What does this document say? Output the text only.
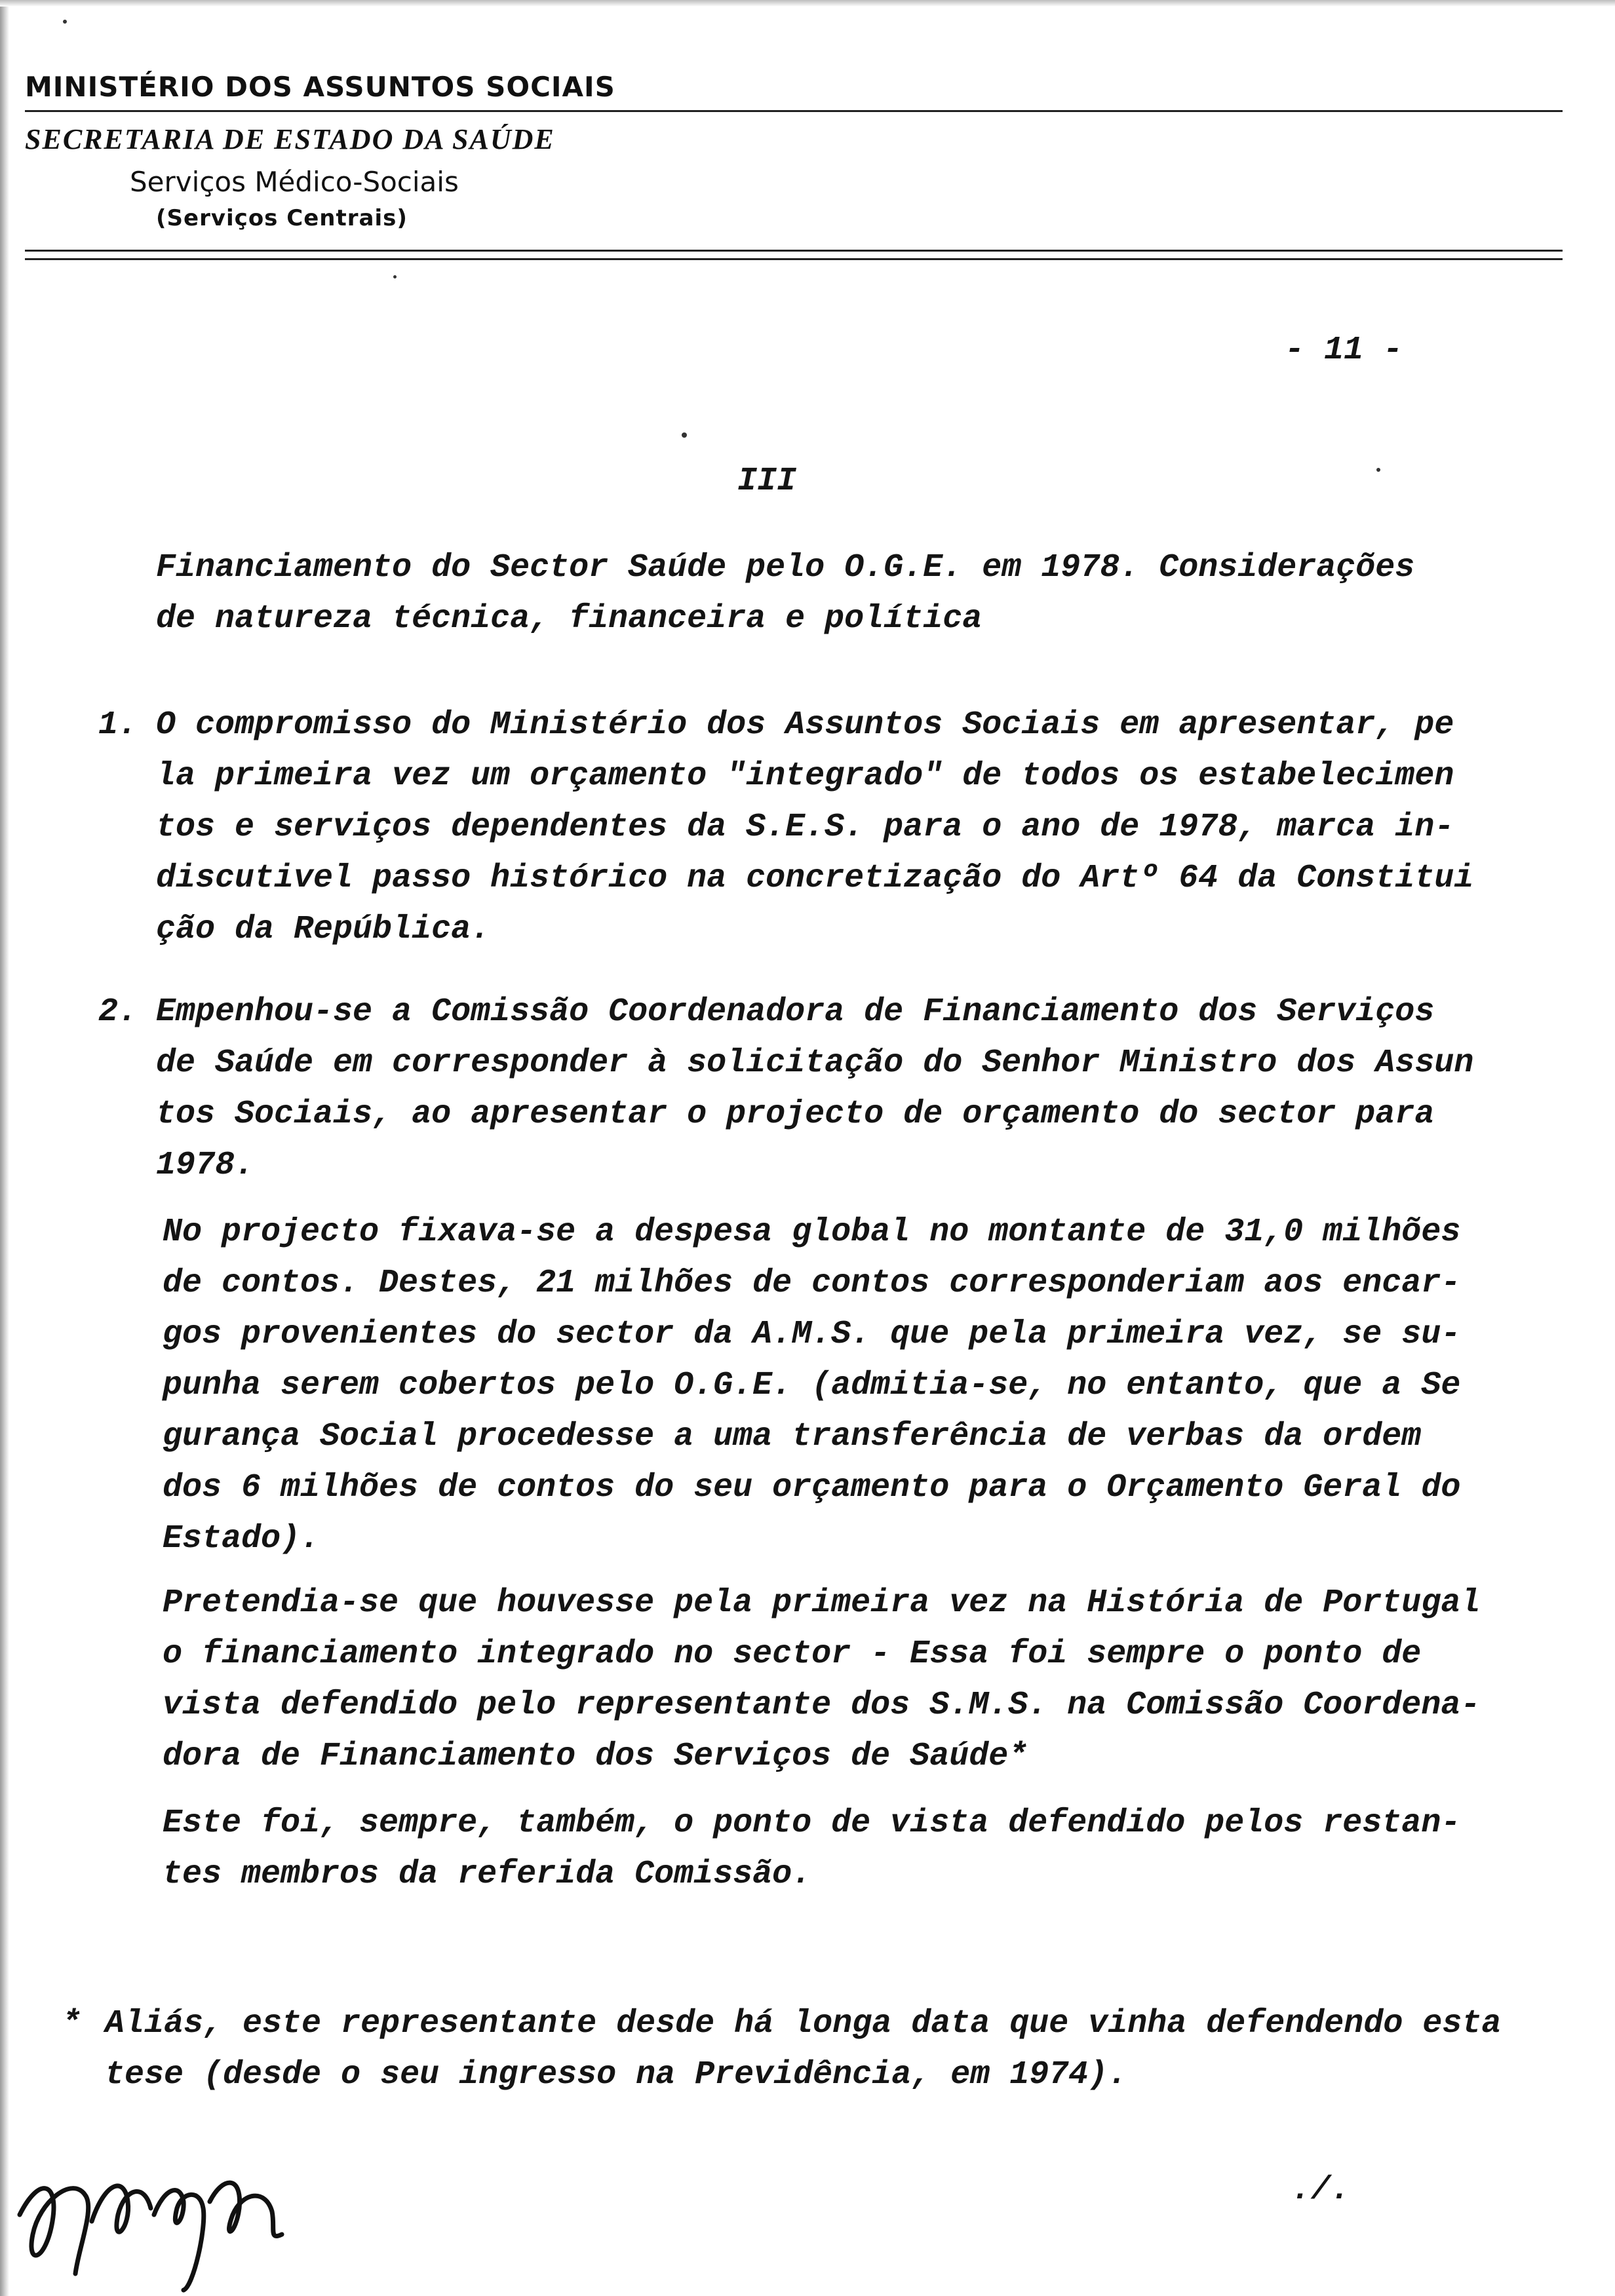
MINISTÉRIO DOS ASSUNTOS SOCIAIS
SECRETARIA DE ESTADO DA SAÚDE
Serviços Médico-Sociais
(Serviços Centrais)
- 11 -
III
Financiamento do Sector Saúde pelo O.G.E. em 1978. Considerações
de natureza técnica, financeira e política
1. O compromisso do Ministério dos Assuntos Sociais em apresentar, pe
la primeira vez um orçamento "integrado" de todos os estabelecimen
tos e serviços dependentes da S.E.S. para o ano de 1978, marca in-
discutivel passo histórico na concretização do Artº 64 da Constitui
ção da República.
2. Empenhou-se a Comissão Coordenadora de Financiamento dos Serviços
de Saúde em corresponder à solicitação do Senhor Ministro dos Assun
tos Sociais, ao apresentar o projecto de orçamento do sector para
1978.
No projecto fixava-se a despesa global no montante de 31,0 milhões
de contos. Destes, 21 milhões de contos corresponderiam aos encar-
gos provenientes do sector da A.M.S. que pela primeira vez, se su-
punha serem cobertos pelo O.G.E. (admitia-se, no entanto, que a Se
gurança Social procedesse a uma transferência de verbas da ordem
dos 6 milhões de contos do seu orçamento para o Orçamento Geral do
Estado).
Pretendia-se que houvesse pela primeira vez na História de Portugal
o financiamento integrado no sector - Essa foi sempre o ponto de
vista defendido pelo representante dos S.M.S. na Comissão Coordena-
dora de Financiamento dos Serviços de Saúde*
Este foi, sempre, também, o ponto de vista defendido pelos restan-
tes membros da referida Comissão.
* Aliás, este representante desde há longa data que vinha defendendo esta
tese (desde o seu ingresso na Previdência, em 1974).
./.
